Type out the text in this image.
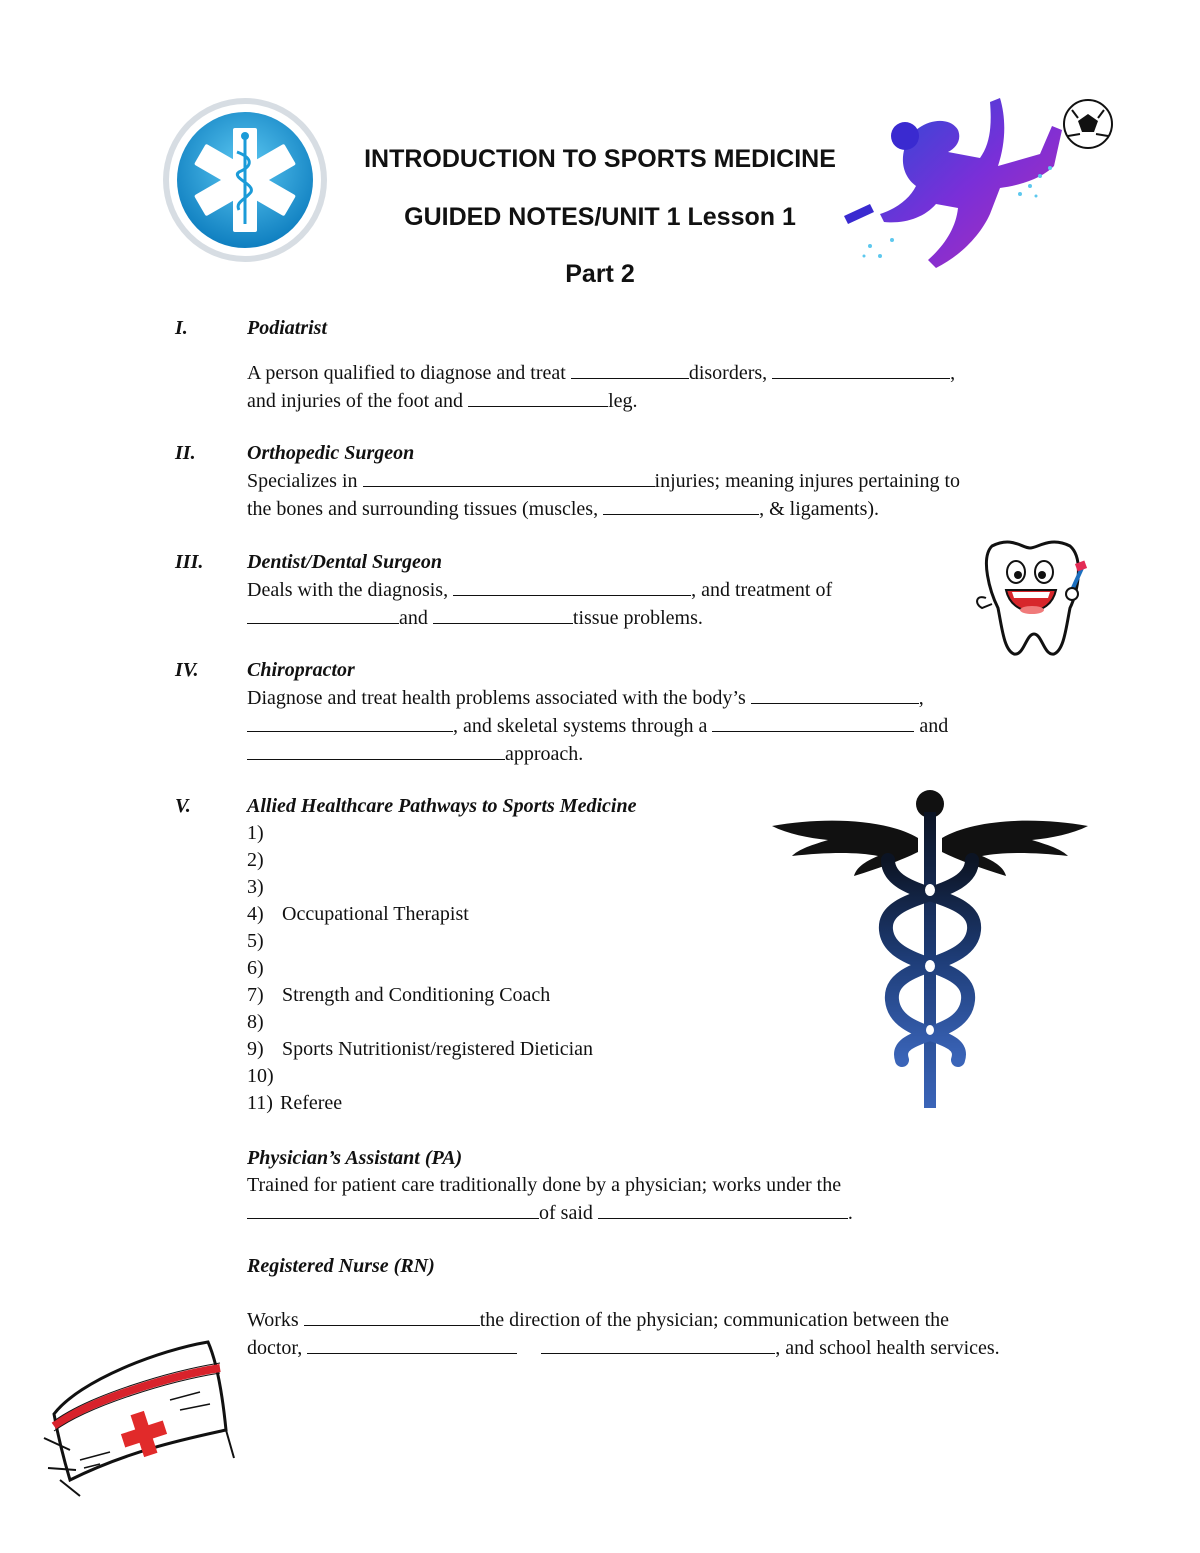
INTRODUCTION TO SPORTS MEDICINE
GUIDED NOTES/UNIT 1 Lesson 1
Part 2
I.	Podiatrist
A person qualified to diagnose and treat	disorders,	,
and injuries of the foot and	leg.
II.	Orthopedic Surgeon
Specializes in	injuries; meaning injures pertaining to
the bones and surrounding tissues (muscles,	, & ligaments).
III. Dentist/Dental Surgeon
Deals with the diagnosis,	, and treatment of
and	tissue problems.
IV. Chiropractor
Diagnose and treat health problems associated with the body’s	,
, and skeletal systems through a	and
approach.
V.	Allied Healthcare Pathways to Sports Medicine
1)
2)
3)
4) Occupational Therapist
5)
6)
7) Strength and Conditioning Coach
8)
9) Sports Nutritionist/registered Dietician
10)
11) Referee
Physician’s Assistant (PA)
Trained for patient care traditionally done by a physician; works under the
of said	.
Registered Nurse (RN)
Works	the direction of the physician; communication between the
doctor,	, and school health services.
